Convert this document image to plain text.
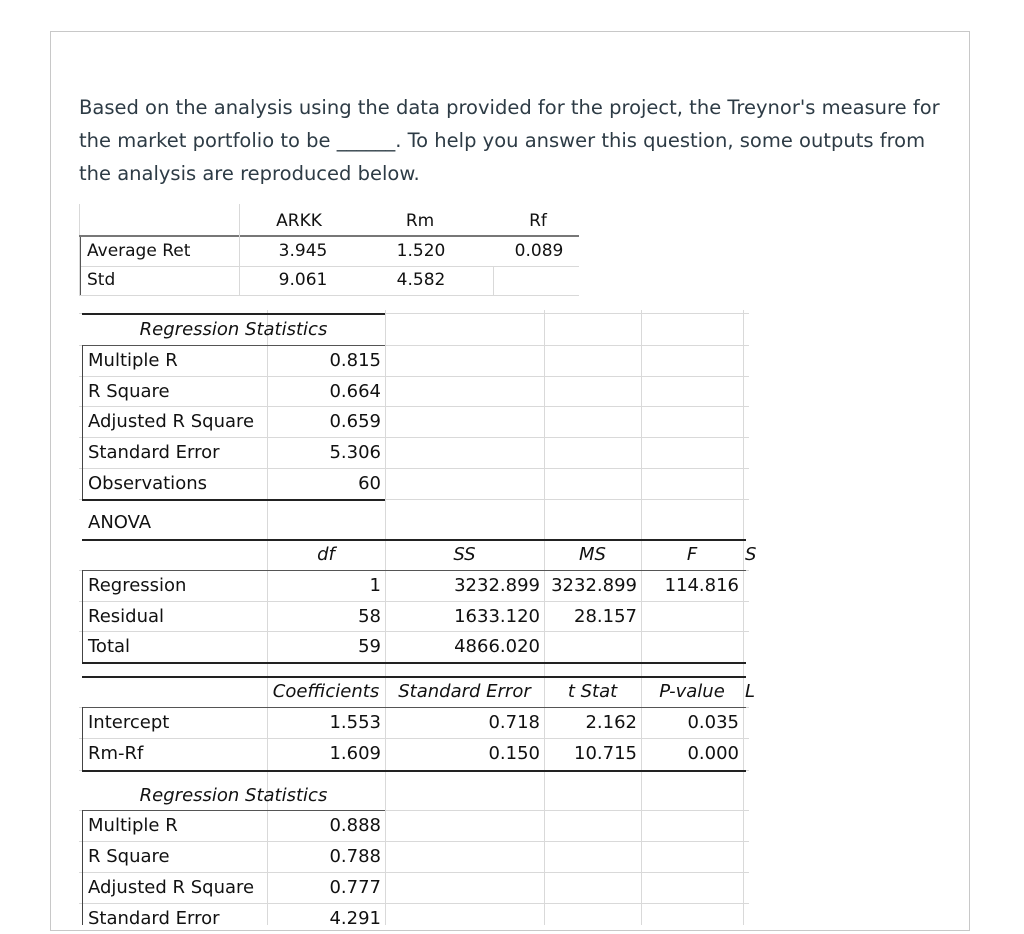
Based on the analysis using the data provided for the project, the Treynor's measure for the market portfolio to be ______. To help you answer this question, some outputs from the analysis are reproduced below.
ARKK	Rm	Rf
Average Ret	3.945	1.520	0.089
Std	9.061	4.582
Regression Statistics
Multiple R	0.815
R Square	0.664
Adjusted R Square	0.659
Standard Error	5.306
Observations	60
ANOVA
df	SS	MS	F	S
Regression	1	3232.899 3232.899	114.816
Residual	58	1633.120	28.157
Total	59	4866.020
Coefficients	Standard Error	t Stat	P-value	L
Intercept	1.553	0.718	2.162	0.035
Rm-Rf	1.609	0.150	10.715	0.000
Regression Statistics
Multiple R	0.888
R Square	0.788
Adjusted R Square	0.777
Standard Error	4.291
